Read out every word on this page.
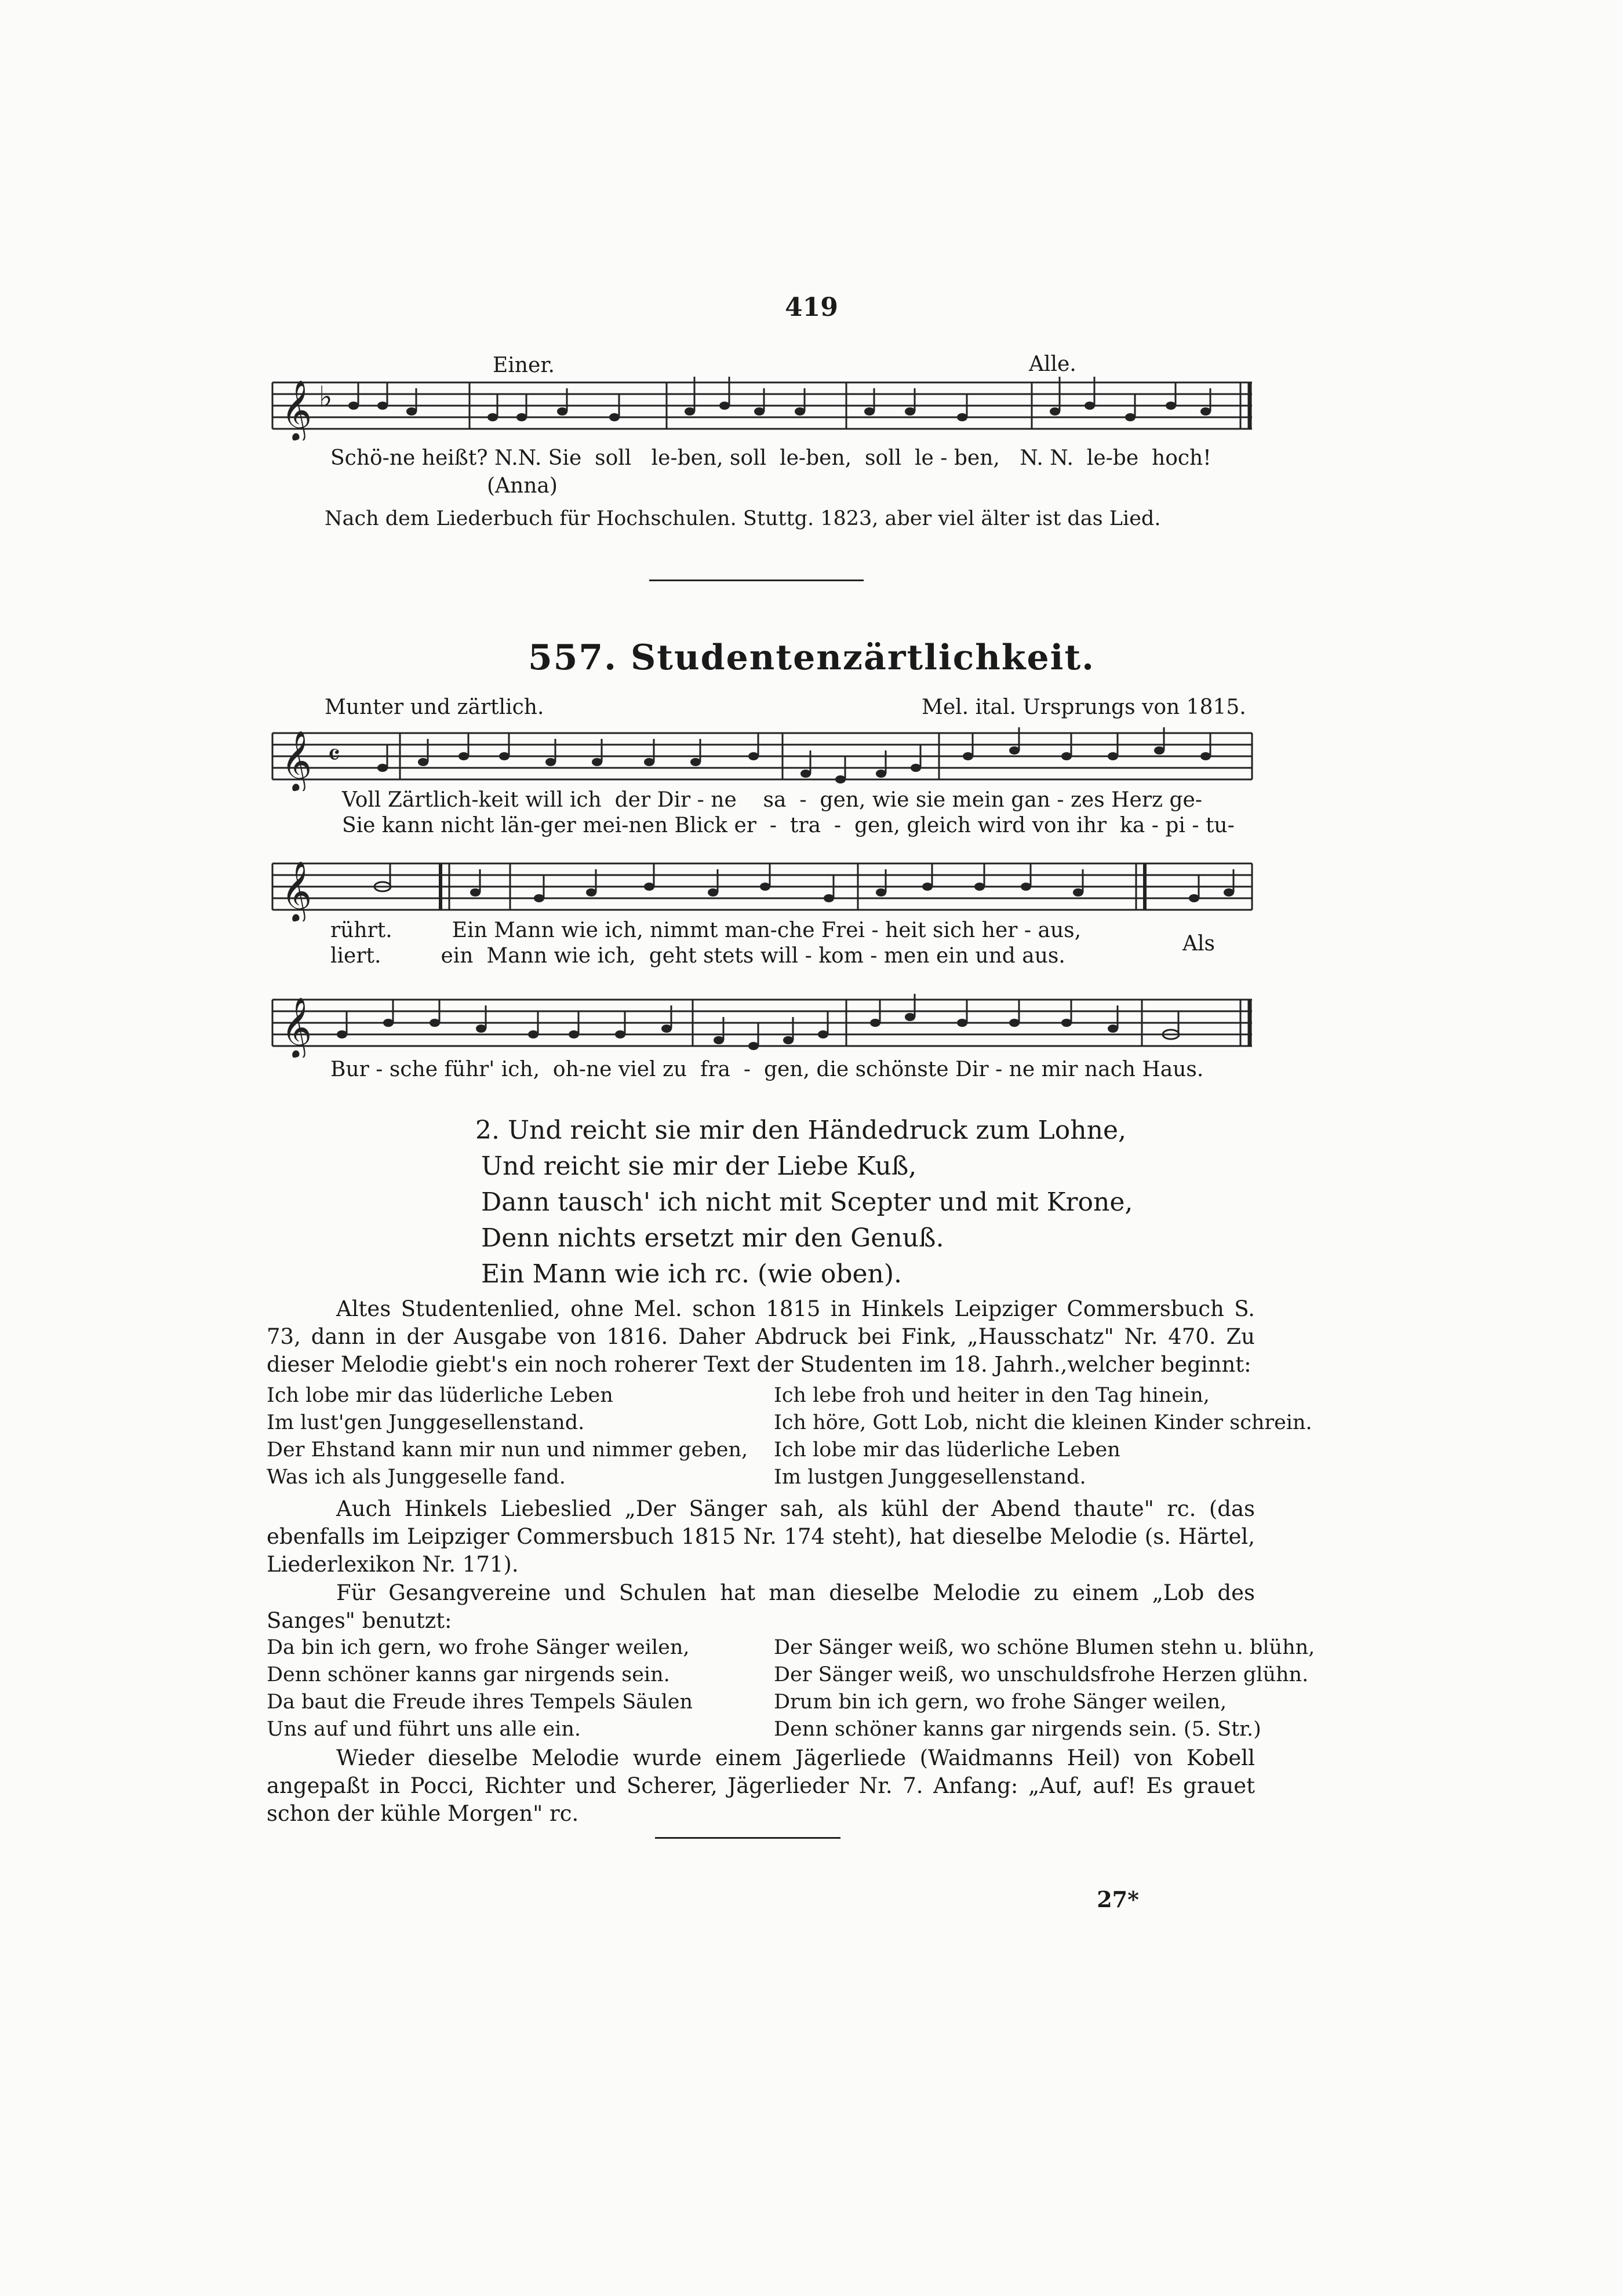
419
Einer.	Alle.
𝄞 ♭
Schö-ne heißt? N.N. Sie  soll   le-ben, soll  le-ben,  soll  le - ben,   N. N.  le-be  hoch!
(Anna)
Nach dem Liederbuch für Hochschulen. Stuttg. 1823, aber viel älter ist das Lied.
557. Studentenzärtlichkeit.
Munter und zärtlich.	Mel. ital. Ursprungs von 1815.
𝄞 𝄴
Voll Zärtlich-keit will ich  der Dir - ne    sa  -  gen, wie sie mein gan - zes Herz ge-
Sie kann nicht län-ger mei-nen Blick er  -  tra  -  gen, gleich wird von ihr  ka - pi - tu-
𝄞
rührt.         Ein Mann wie ich, nimmt man-che Frei - heit sich her - aus,
liert.         ein  Mann wie ich,  geht stets will - kom - men ein und aus.
Als
𝄞
Bur - sche führ' ich,  oh-ne viel zu  fra  -  gen, die schönste Dir - ne mir nach Haus.
2. Und reicht sie mir den Händedruck zum Lohne,
Und reicht sie mir der Liebe Kuß,
Dann tausch' ich nicht mit Scepter und mit Krone,
Denn nichts ersetzt mir den Genuß.
Ein Mann wie ich rc. (wie oben).
Altes Studentenlied, ohne Mel. schon 1815 in Hinkels Leipziger Commersbuch S. 73, dann in der Ausgabe von 1816. Daher Abdruck bei Fink, „Hausschatz" Nr. 470. Zu dieser Melodie giebt's ein noch roherer Text der Studenten im 18. Jahrh.,welcher beginnt:
Ich lobe mir das lüderliche Leben
Im lust'gen Junggesellenstand.
Der Ehstand kann mir nun und nimmer geben,
Was ich als Junggeselle fand.
Ich lebe froh und heiter in den Tag hinein,
Ich höre, Gott Lob, nicht die kleinen Kinder schrein.
Ich lobe mir das lüderliche Leben
Im lustgen Junggesellenstand.
Auch Hinkels Liebeslied „Der Sänger sah, als kühl der Abend thaute" rc. (das ebenfalls im Leipziger Commersbuch 1815 Nr. 174 steht), hat dieselbe Melodie (s. Härtel, Liederlexikon Nr. 171).
Für Gesangvereine und Schulen hat man dieselbe Melodie zu einem „Lob des Sanges" benutzt:
Da bin ich gern, wo frohe Sänger weilen,
Denn schöner kanns gar nirgends sein.
Da baut die Freude ihres Tempels Säulen
Uns auf und führt uns alle ein.
Der Sänger weiß, wo schöne Blumen stehn u. blühn,
Der Sänger weiß, wo unschuldsfrohe Herzen glühn.
Drum bin ich gern, wo frohe Sänger weilen,
Denn schöner kanns gar nirgends sein. (5. Str.)
Wieder dieselbe Melodie wurde einem Jägerliede (Waidmanns Heil) von Kobell angepaßt in Pocci, Richter und Scherer, Jägerlieder Nr. 7. Anfang: „Auf, auf! Es grauet schon der kühle Morgen" rc.
27*
